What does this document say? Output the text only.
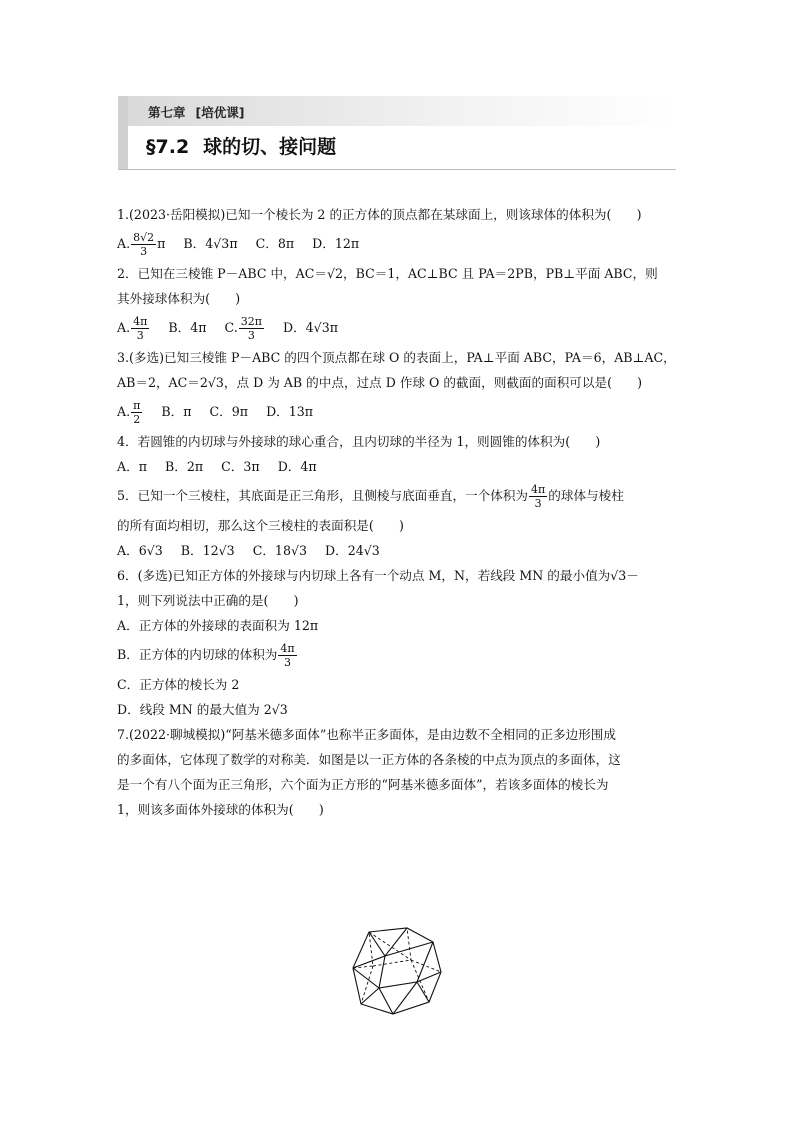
第七章 [培优课]
§7.2 球的切、接问题
1.(2023·岳阳模拟)已知一个棱长为 2 的正方体的顶点都在某球面上，则该球体的体积为(　　)
A. $\frac{8√2}{3}$ π B．4√3π C．8π D．12π
2．已知在三棱锥 P－ABC 中，AC＝√2，BC＝1，AC⊥BC 且 PA＝2PB，PB⊥平面 ABC，则
其外接球体积为(　　)
A. $\frac{4\pi}{3}$ B．4π C. $\frac{32\pi}{3}$ D．4√3π
3.(多选)已知三棱锥 P－ABC 的四个顶点都在球 O 的表面上，PA⊥平面 ABC，PA＝6，AB⊥AC，
AB＝2，AC＝2√3，点 D 为 AB 的中点，过点 D 作球 O 的截面，则截面的面积可以是(　　)
A. $\frac{\pi}{2}$ B．π C．9π D．13π
4．若圆锥的内切球与外接球的球心重合，且内切球的半径为 1，则圆锥的体积为(　　)
A．π B．2π C．3π D．4π
5．已知一个三棱柱，其底面是正三角形，且侧棱与底面垂直，一个体积为 $\frac{4\pi}{3}$ 的球体与棱柱
的所有面均相切，那么这个三棱柱的表面积是(　　)
A．6√3 B．12√3 C．18√3 D．24√3
6．(多选)已知正方体的外接球与内切球上各有一个动点 M，N，若线段 MN 的最小值为√3－
1，则下列说法中正确的是(　　)
A．正方体的外接球的表面积为 12π
B．正方体的内切球的体积为 $\frac{4\pi}{3}$
C．正方体的棱长为 2
D．线段 MN 的最大值为 2√3
7.(2022·聊城模拟)“阿基米德多面体”也称半正多面体，是由边数不全相同的正多边形围成
的多面体，它体现了数学的对称美．如图是以一正方体的各条棱的中点为顶点的多面体，这
是一个有八个面为正三角形，六个面为正方形的“阿基米德多面体”，若该多面体的棱长为
1，则该多面体外接球的体积为(　　)
